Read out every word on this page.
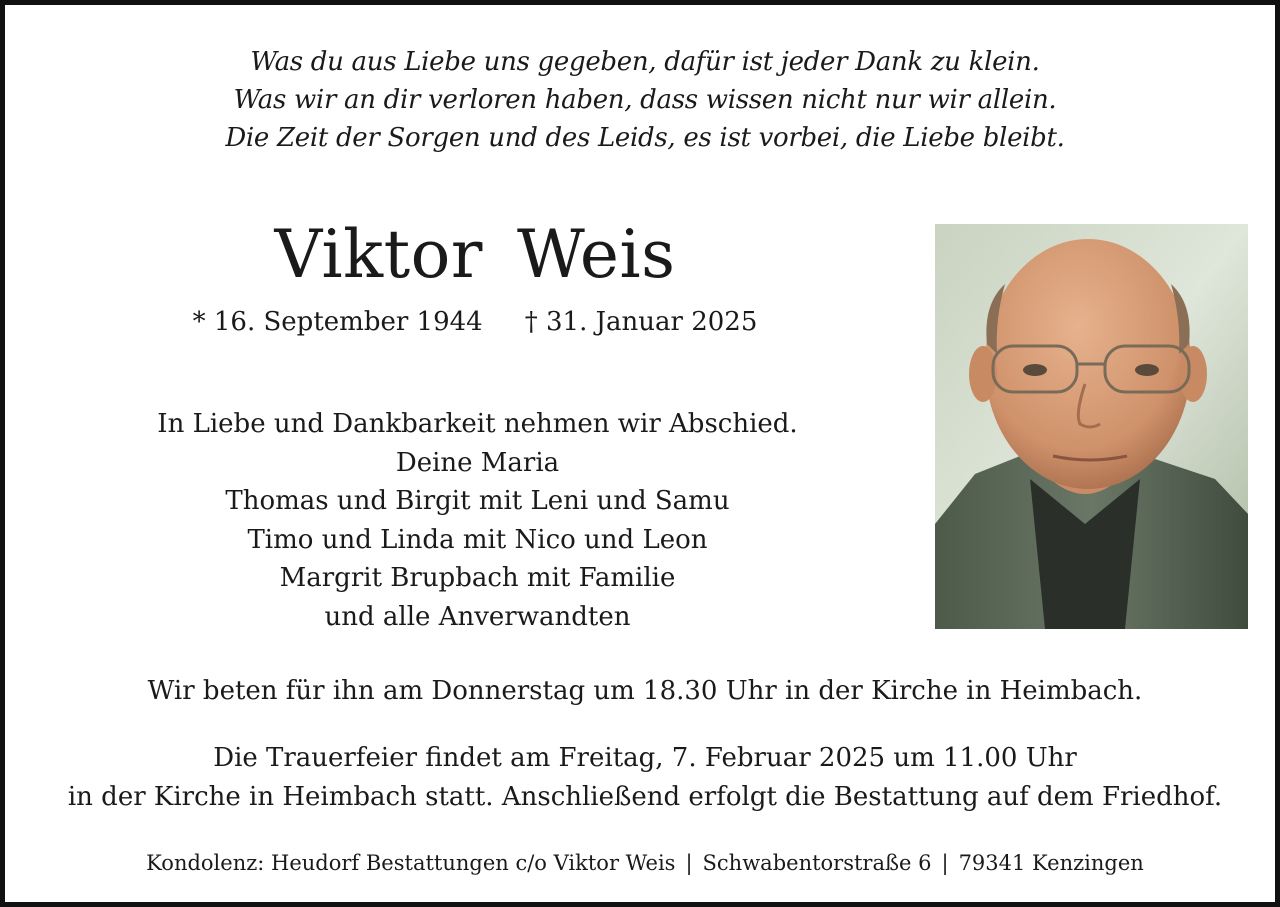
Was du aus Liebe uns gegeben, dafür ist jeder Dank zu klein.
Was wir an dir verloren haben, dass wissen nicht nur wir allein.
Die Zeit der Sorgen und des Leids, es ist vorbei, die Liebe bleibt.
Viktor Weis
* 16. September 1944 † 31. Januar 2025
In Liebe und Dankbarkeit nehmen wir Abschied.
Deine Maria
Thomas und Birgit mit Leni und Samu
Timo und Linda mit Nico und Leon
Margrit Brupbach mit Familie
und alle Anverwandten
Wir beten für ihn am Donnerstag um 18.30 Uhr in der Kirche in Heimbach.
Die Trauerfeier findet am Freitag, 7. Februar 2025 um 11.00 Uhr
in der Kirche in Heimbach statt. Anschließend erfolgt die Bestattung auf dem Friedhof.
Kondolenz: Heudorf Bestattungen c/o Viktor Weis | Schwabentorstraße 6 | 79341 Kenzingen
